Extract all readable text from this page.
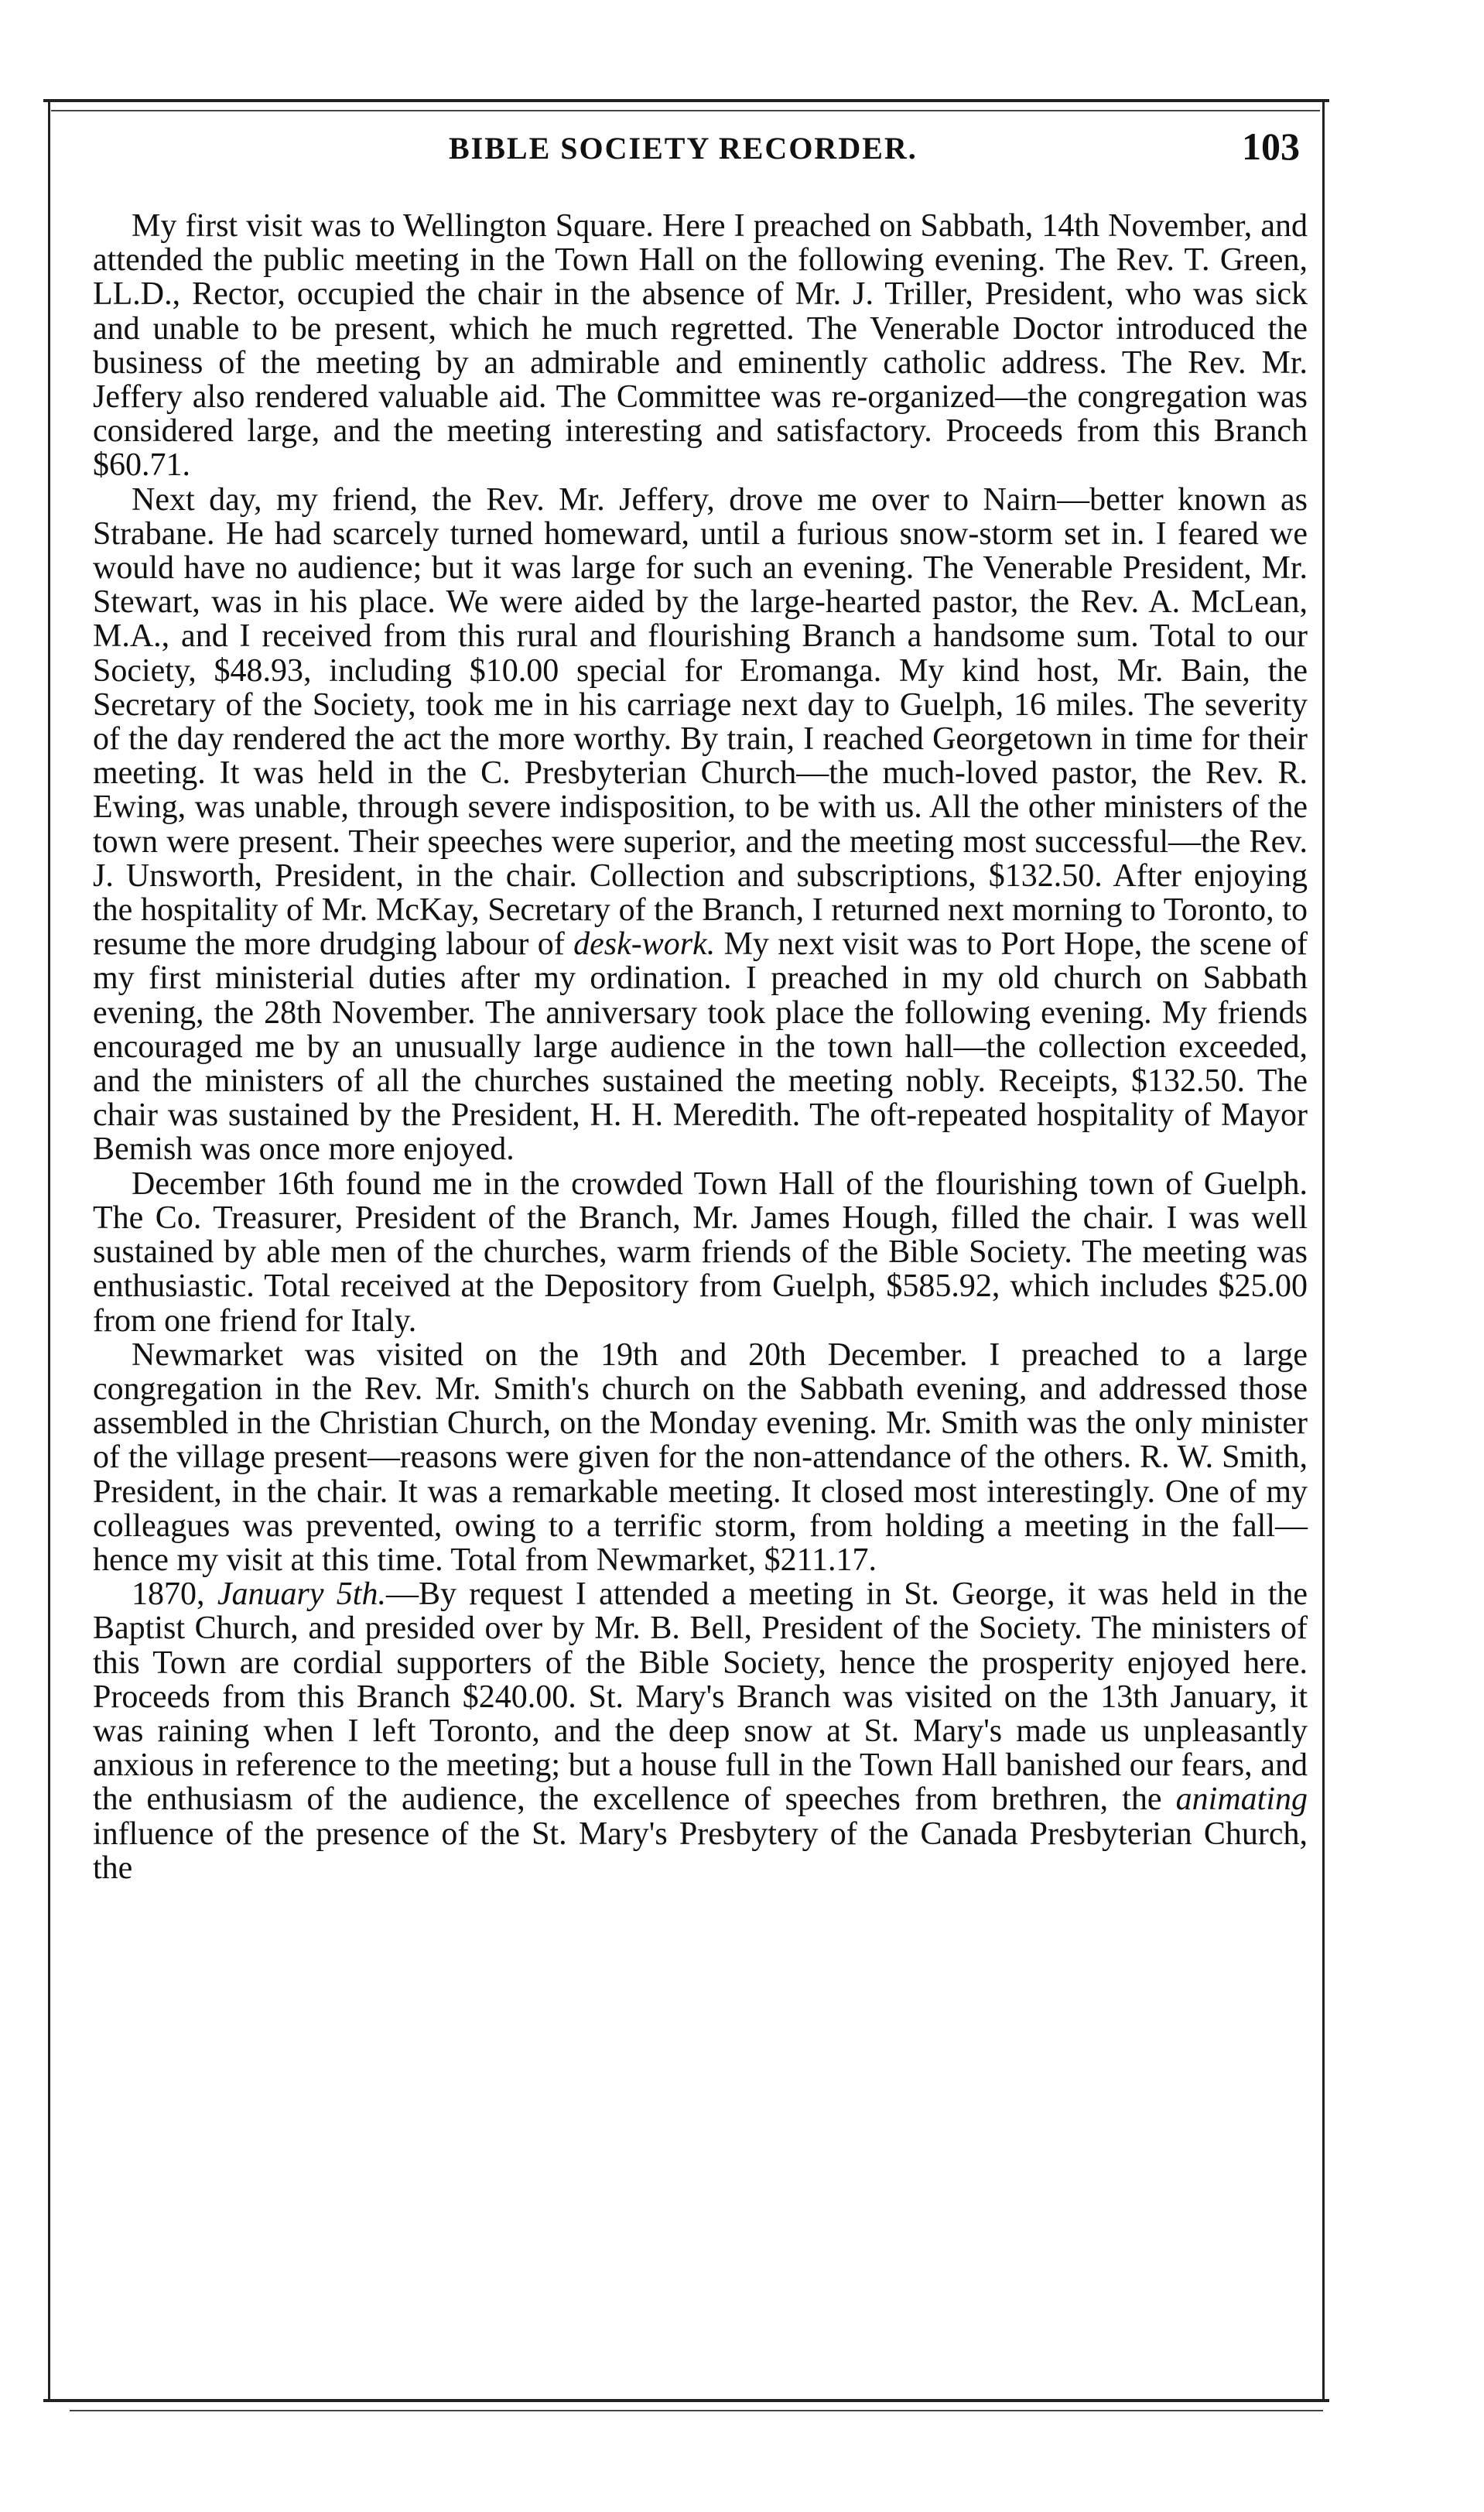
BIBLE SOCIETY RECORDER.	103

My first visit was to Wellington Square. Here I preached on Sabbath, 14th November, and attended the public meeting in the Town Hall on the following evening. The Rev. T. Green, LL.D., Rector, occupied the chair in the absence of Mr. J. Triller, President, who was sick and unable to be present, which he much regretted. The Venerable Doctor introduced the business of the meeting by an admirable and eminently catholic address. The Rev. Mr. Jeffery also rendered valuable aid. The Committee was re-organized—the congregation was considered large, and the meeting interesting and satisfactory. Proceeds from this Branch $60.71.

Next day, my friend, the Rev. Mr. Jeffery, drove me over to Nairn—better known as Strabane. He had scarcely turned homeward, until a furious snow-storm set in. I feared we would have no audience; but it was large for such an evening. The Venerable President, Mr. Stewart, was in his place. We were aided by the large-hearted pastor, the Rev. A. McLean, M.A., and I received from this rural and flourishing Branch a handsome sum. Total to our Society, $48.93, including $10.00 special for Eromanga. My kind host, Mr. Bain, the Secretary of the Society, took me in his carriage next day to Guelph, 16 miles. The severity of the day rendered the act the more worthy. By train, I reached Georgetown in time for their meeting. It was held in the C. Presbyterian Church—the much-loved pastor, the Rev. R. Ewing, was unable, through severe indisposition, to be with us. All the other ministers of the town were present. Their speeches were superior, and the meeting most successful—the Rev. J. Unsworth, President, in the chair. Collection and subscriptions, $132.50. After enjoying the hospitality of Mr. McKay, Secretary of the Branch, I returned next morning to Toronto, to resume the more drudging labour of desk-work. My next visit was to Port Hope, the scene of my first ministerial duties after my ordination. I preached in my old church on Sabbath evening, the 28th November. The anniversary took place the following evening. My friends encouraged me by an unusually large audience in the town hall—the collection exceeded, and the ministers of all the churches sustained the meeting nobly. Receipts, $132.50. The chair was sustained by the President, H. H. Meredith. The oft-repeated hospitality of Mayor Bemish was once more enjoyed.

December 16th found me in the crowded Town Hall of the flourishing town of Guelph. The Co. Treasurer, President of the Branch, Mr. James Hough, filled the chair. I was well sustained by able men of the churches, warm friends of the Bible Society. The meeting was enthusiastic. Total received at the Depository from Guelph, $585.92, which includes $25.00 from one friend for Italy.

Newmarket was visited on the 19th and 20th December. I preached to a large congregation in the Rev. Mr. Smith's church on the Sabbath evening, and addressed those assembled in the Christian Church, on the Monday evening. Mr. Smith was the only minister of the village present—reasons were given for the non-attendance of the others. R. W. Smith, President, in the chair. It was a remarkable meeting. It closed most interestingly. One of my colleagues was prevented, owing to a terrific storm, from holding a meeting in the fall—hence my visit at this time. Total from Newmarket, $211.17.

1870, January 5th.—By request I attended a meeting in St. George, it was held in the Baptist Church, and presided over by Mr. B. Bell, President of the Society. The ministers of this Town are cordial supporters of the Bible Society, hence the prosperity enjoyed here. Proceeds from this Branch $240.00. St. Mary's Branch was visited on the 13th January, it was raining when I left Toronto, and the deep snow at St. Mary's made us unpleasantly anxious in reference to the meeting; but a house full in the Town Hall banished our fears, and the enthusiasm of the audience, the excellence of speeches from brethren, the animating influence of the presence of the St. Mary's Presbytery of the Canada Presbyterian Church, the
